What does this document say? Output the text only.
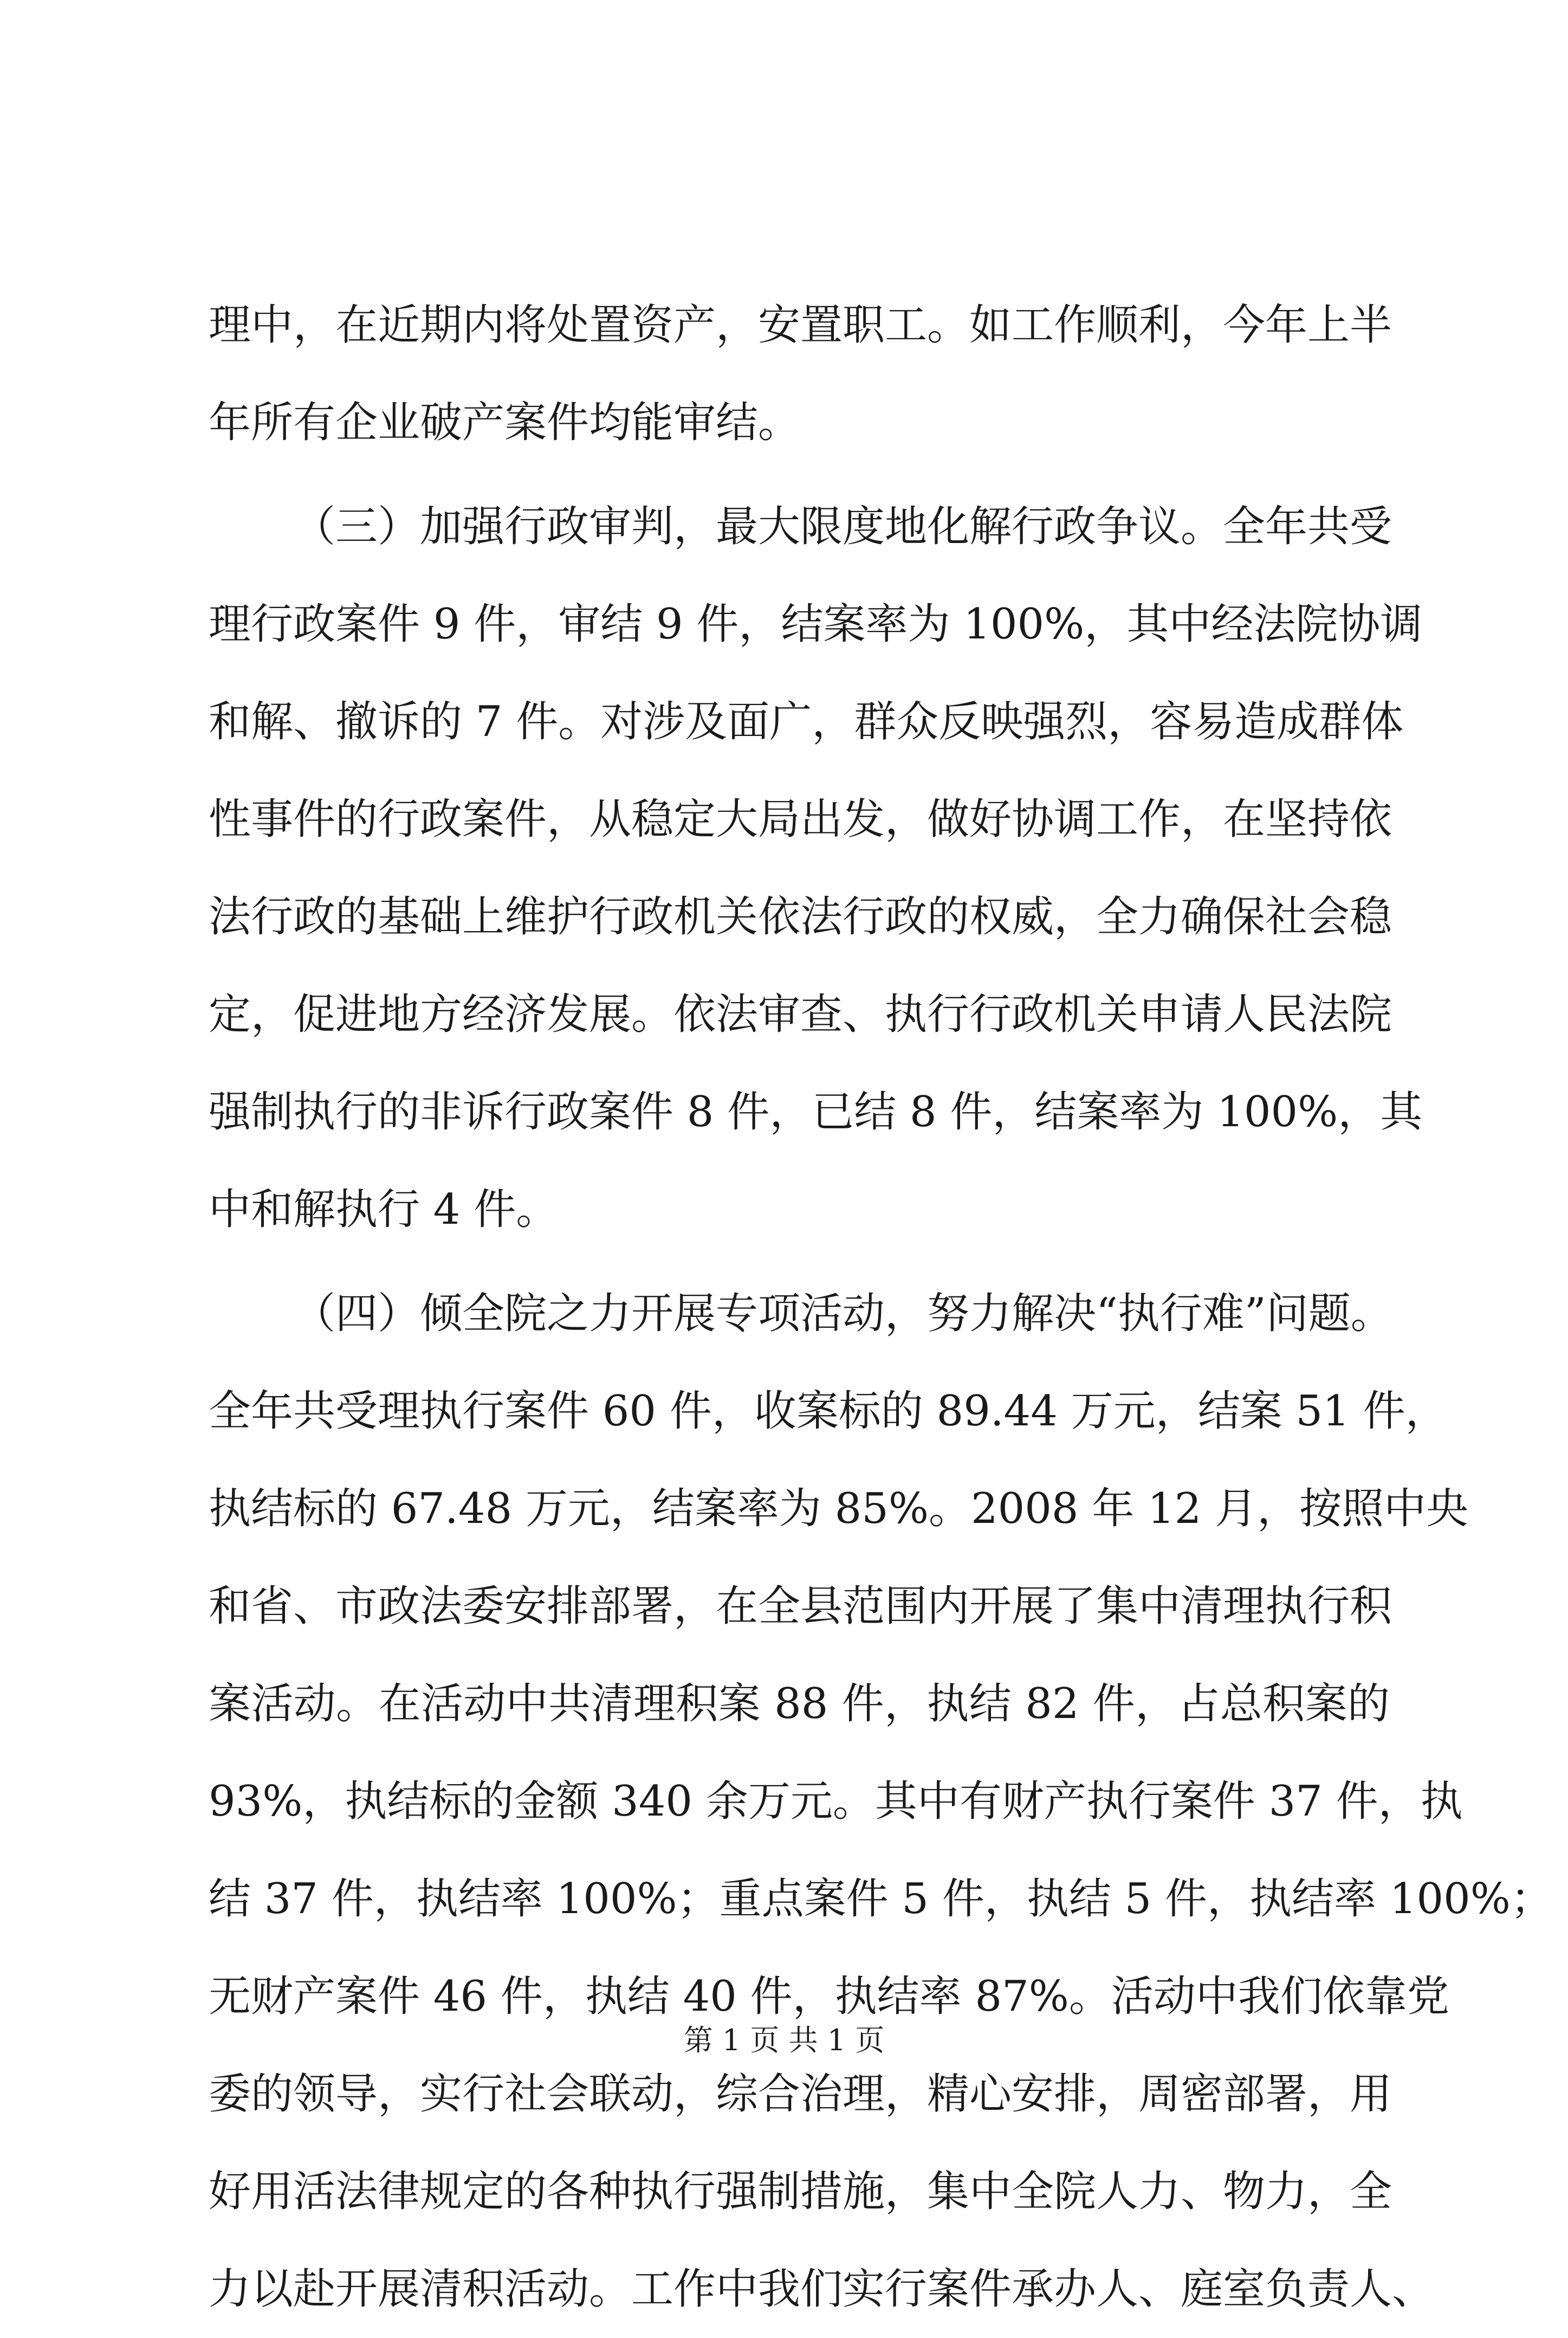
理中，在近期内将处置资产，安置职工。如工作顺利，今年上半
年所有企业破产案件均能审结。
（三）加强行政审判，最大限度地化解行政争议。全年共受
理行政案件 9 件，审结 9 件，结案率为 100%，其中经法院协调
和解、撤诉的 7 件。对涉及面广，群众反映强烈，容易造成群体
性事件的行政案件，从稳定大局出发，做好协调工作，在坚持依
法行政的基础上维护行政机关依法行政的权威，全力确保社会稳
定，促进地方经济发展。依法审查、执行行政机关申请人民法院
强制执行的非诉行政案件 8 件，已结 8 件，结案率为 100%，其
中和解执行 4 件。
（四）倾全院之力开展专项活动，努力解决“执行难”问题。
全年共受理执行案件 60 件，收案标的 89.44 万元，结案 51 件，
执结标的 67.48 万元，结案率为 85%。2008 年 12 月，按照中央
和省、市政法委安排部署，在全县范围内开展了集中清理执行积
案活动。在活动中共清理积案 88 件，执结 82 件，占总积案的
93%，执结标的金额 340 余万元。其中有财产执行案件 37 件，执
结 37 件，执结率 100%；重点案件 5 件，执结 5 件，执结率 100%；
无财产案件 46 件，执结 40 件，执结率 87%。活动中我们依靠党
委的领导，实行社会联动，综合治理，精心安排，周密部署，用
好用活法律规定的各种执行强制措施，集中全院人力、物力，全
力以赴开展清积活动。工作中我们实行案件承办人、庭室负责人、
第 1 页 共 1 页
